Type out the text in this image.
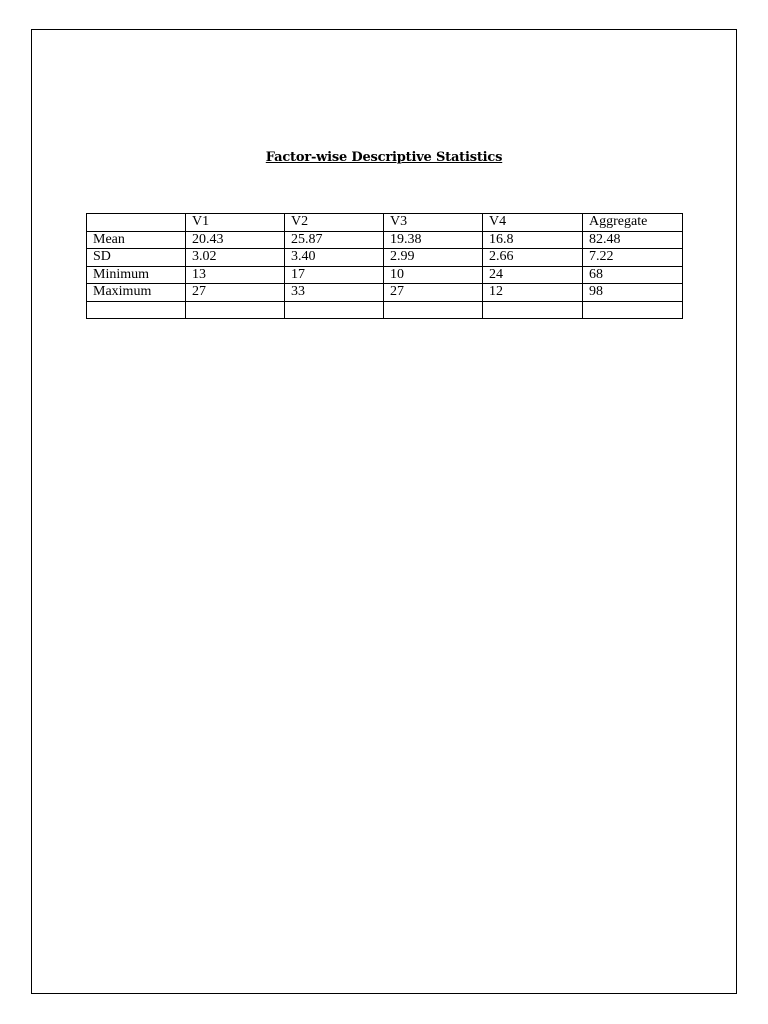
Factor-wise Descriptive Statistics
	V1	V2	V3	V4	Aggregate
Mean	20.43	25.87	19.38	16.8	82.48
SD	3.02	3.40	2.99	2.66	7.22
Minimum	13	17	10	24	68
Maximum	27	33	27	12	98
